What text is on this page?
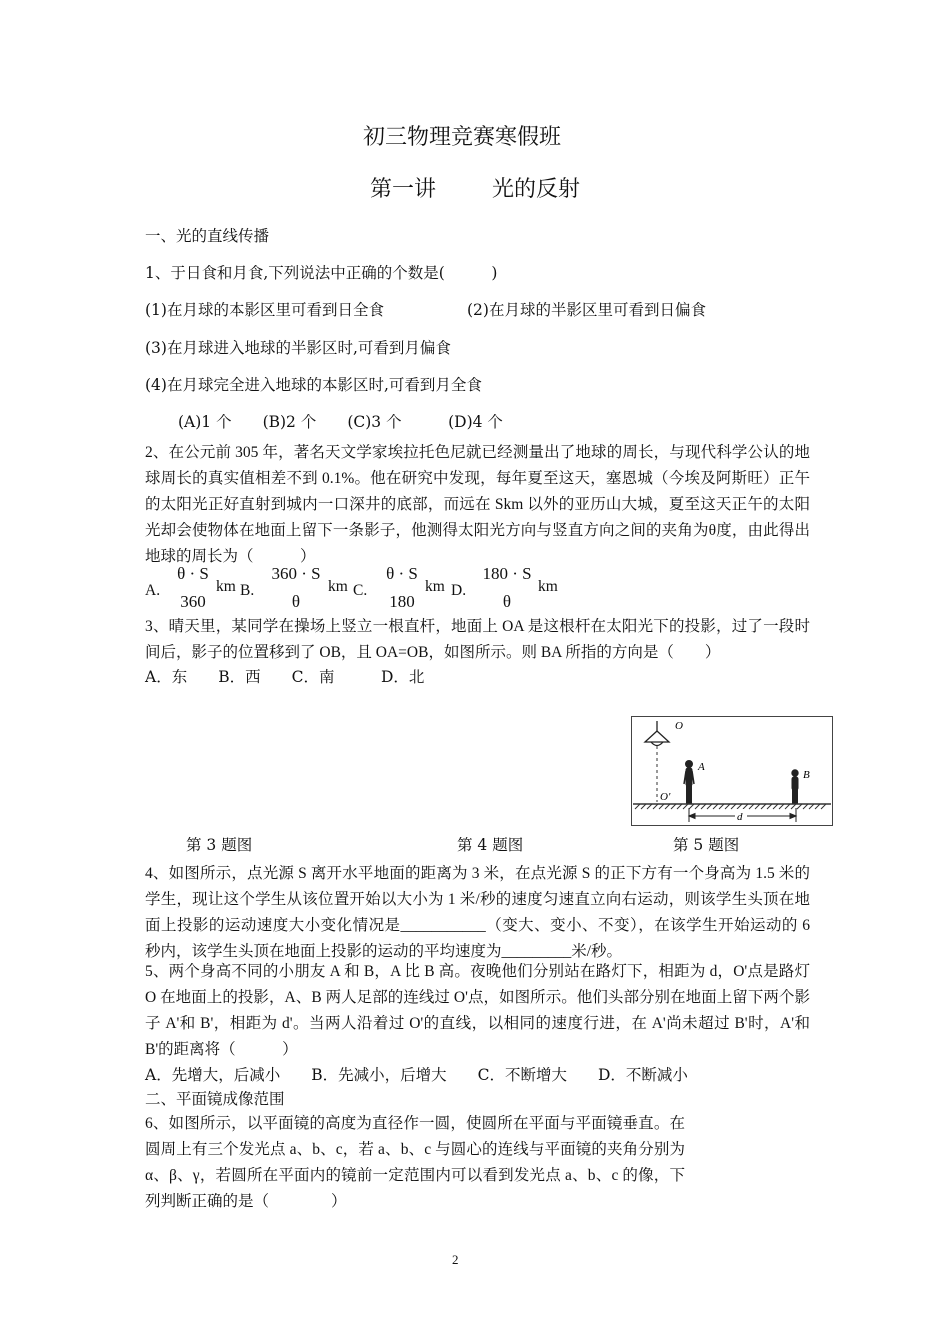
初三物理竞赛寒假班
第一讲	光的反射
一、光的直线传播
1、于日食和月食,下列说法中正确的个数是(　　　)
(1)在月球的本影区里可看到日全食	(2)在月球的半影区里可看到日偏食
(3)在月球进入地球的半影区时,可看到月偏食
(4)在月球完全进入地球的本影区时,可看到月全食
(A)1 个　　(B)2 个　　(C)3 个　　　(D)4 个
2、在公元前 305 年，著名天文学家埃拉托色尼就已经测量出了地球的周长，与现代科学公认的地球周长的真实值相差不到 0.1%。他在研究中发现，每年夏至这天，塞恩城（今埃及阿斯旺）正午的太阳光正好直射到城内一口深井的底部，而远在 Skm 以外的亚历山大城，夏至这天正午的太阳光却会使物体在地面上留下一条影子，他测得太阳光方向与竖直方向之间的夹角为θ度，由此得出地球的周长为（　　　）
A.
θ · S
360
km B.
360 · S
θ
km C.
θ · S
180
km D.
180 · S
θ
km
3、晴天里，某同学在操场上竖立一根直杆，地面上 OA 是这根杆在太阳光下的投影，过了一段时间后，影子的位置移到了 OB，且 OA=OB，如图所示。则 BA 所指的方向是（　　）
A．东　　B．西　　C．南　　　D．北
O
O'
A
B
d
第 3 题图	第 4 题图	第 5 题图
4、如图所示，点光源 S 离开水平地面的距离为 3 米，在点光源 S 的正下方有一个身高为 1.5 米的学生，现让这个学生从该位置开始以大小为 1 米/秒的速度匀速直立向右运动，则该学生头顶在地面上投影的运动速度大小变化情况是___________（变大、变小、不变），在该学生开始运动的 6 秒内，该学生头顶在地面上投影的运动的平均速度为_________米/秒。
5、两个身高不同的小朋友 A 和 B，A 比 B 高。夜晚他们分别站在路灯下，相距为 d，O'点是路灯 O 在地面上的投影，A、B 两人足部的连线过 O'点，如图所示。他们头部分别在地面上留下两个影子 A'和 B'，相距为 d'。当两人沿着过 O'的直线，以相同的速度行进，在 A'尚未超过 B'时，A'和 B'的距离将（　　　）
A．先增大，后减小　　B．先减小，后增大　　C．不断增大　　D．不断减小
二、平面镜成像范围
6、如图所示，以平面镜的高度为直径作一圆，使圆所在平面与平面镜垂直。在圆周上有三个发光点 a、b、c，若 a、b、c 与圆心的连线与平面镜的夹角分别为 α、β、γ，若圆所在平面内的镜前一定范围内可以看到发光点 a、b、c 的像，下列判断正确的是（　　　　）
2
